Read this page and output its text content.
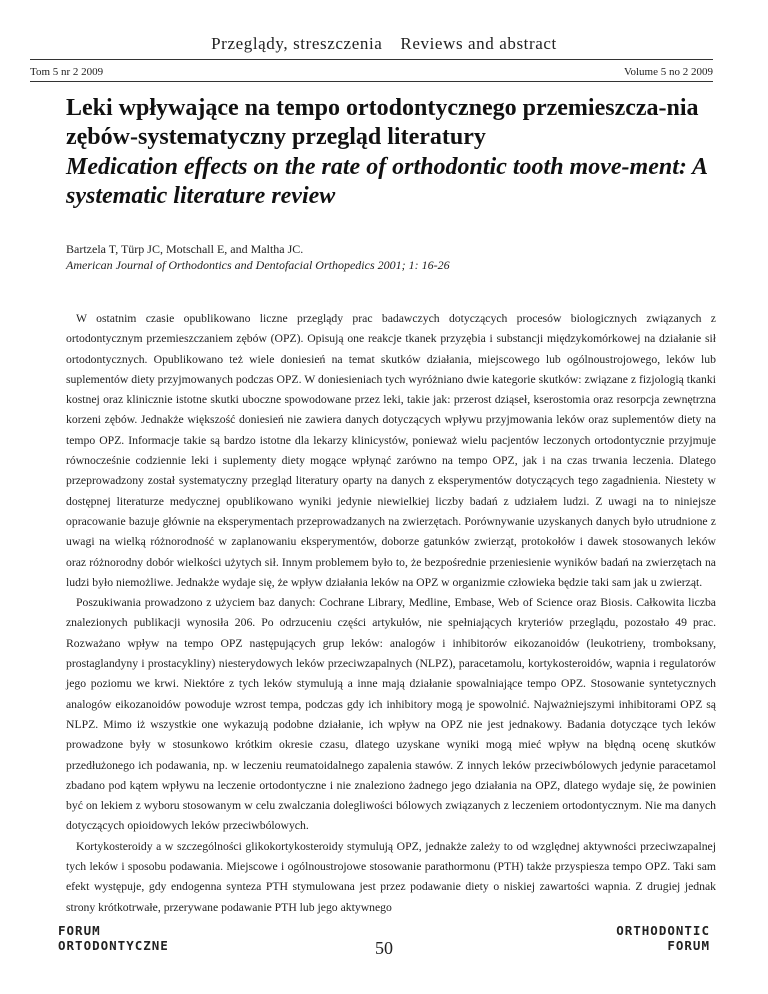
Przeglądy, streszczenia Reviews and abstract
Tom 5 nr 2 2009	Volume 5 no 2 2009
Leki wpływające na tempo ortodontycznego przemieszcza-nia zębów-systematyczny przegląd literatury
Medication effects on the rate of orthodontic tooth move-ment: A systematic literature review
Bartzela T, Türp JC, Motschall E, and Maltha JC.
American Journal of Orthodontics and Dentofacial Orthopedics 2001; 1: 16-26

W ostatnim czasie opublikowano liczne przeglądy prac badawczych dotyczących procesów biologicznych związanych z ortodontycznym przemieszczaniem zębów (OPZ). Opisują one reakcje tkanek przyzębia i substancji międzykomórkowej na działanie sił ortodontycznych. Opublikowano też wiele doniesień na temat skutków działania, miejscowego lub ogólnoustrojowego, leków lub suplementów diety przyjmowanych podczas OPZ. W doniesieniach tych wyróżniano dwie kategorie skutków: związane z fizjologią tkanki kostnej oraz klinicznie istotne skutki uboczne spowodowane przez leki, takie jak: przerost dziąseł, kserostomia oraz resorpcja zewnętrzna korzeni zębów. Jednakże większość doniesień nie zawiera danych dotyczących wpływu przyjmowania leków oraz suplementów diety na tempo OPZ. Informacje takie są bardzo istotne dla lekarzy klinicystów, ponieważ wielu pacjentów leczonych ortodontycznie przyjmuje równocześnie codziennie leki i suplementy diety mogące wpłynąć zarówno na tempo OPZ, jak i na czas trwania leczenia. Dlatego przeprowadzony został systematyczny przegląd literatury oparty na danych z eksperymentów dotyczących tego zagadnienia. Niestety w dostępnej literaturze medycznej opublikowano wyniki jedynie niewielkiej liczby badań z udziałem ludzi. Z uwagi na to niniejsze opracowanie bazuje głównie na eksperymentach przeprowadzanych na zwierzętach. Porównywanie uzyskanych danych było utrudnione z uwagi na wielką różnorodność w zaplanowaniu eksperymentów, doborze gatunków zwierząt, protokołów i dawek stosowanych leków oraz różnorodny dobór wielkości użytych sił. Innym problemem było to, że bezpośrednie przeniesienie wyników badań na zwierzętach na ludzi było niemożliwe. Jednakże wydaje się, że wpływ działania leków na OPZ w organizmie człowieka będzie taki sam jak u zwierząt.

Poszukiwania prowadzono z użyciem baz danych: Cochrane Library, Medline, Embase, Web of Science oraz Biosis. Całkowita liczba znalezionych publikacji wynosiła 206. Po odrzuceniu części artykułów, nie spełniających kryteriów przeglądu, pozostało 49 prac. Rozważano wpływ na tempo OPZ następujących grup leków: analogów i inhibitorów eikozanoidów (leukotrieny, tromboksany, prostaglandyny i prostacykliny) niesterydowych leków przeciwzapalnych (NLPZ), paracetamolu, kortykosteroidów, wapnia i regulatorów jego poziomu we krwi. Niektóre z tych leków stymulują a inne mają działanie spowalniające tempo OPZ. Stosowanie syntetycznych analogów eikozanoidów powoduje wzrost tempa, podczas gdy ich inhibitory mogą je spowolnić. Najważniejszymi inhibitorami OPZ są NLPZ. Mimo iż wszystkie one wykazują podobne działanie, ich wpływ na OPZ nie jest jednakowy. Badania dotyczące tych leków prowadzone były w stosunkowo krótkim okresie czasu, dlatego uzyskane wyniki mogą mieć wpływ na błędną ocenę skutków przedłużonego ich podawania, np. w leczeniu reumatoidalnego zapalenia stawów. Z innych leków przeciwbólowych jedynie paracetamol zbadano pod kątem wpływu na leczenie ortodontyczne i nie znaleziono żadnego jego działania na OPZ, dlatego wydaje się, że powinien być on lekiem z wyboru stosowanym w celu zwalczania dolegliwości bólowych związanych z leczeniem ortodontycznym. Nie ma danych dotyczących opioidowych leków przeciwbólowych.

Kortykosteroidy a w szczególności glikokortykosteroidy stymulują OPZ, jednakże zależy to od względnej aktywności przeciwzapalnej tych leków i sposobu podawania. Miejscowe i ogólnoustrojowe stosowanie parathormonu (PTH) także przyspiesza tempo OPZ. Taki sam efekt występuje, gdy endogenna synteza PTH stymulowana jest przez podawanie diety o niskiej zawartości wapnia. Z drugiej jednak strony krótkotrwałe, przerywane podawanie PTH lub jego aktywnego

FORUM
ORTODONTYCZNE	50
ORTHODONTIC
FORUM
